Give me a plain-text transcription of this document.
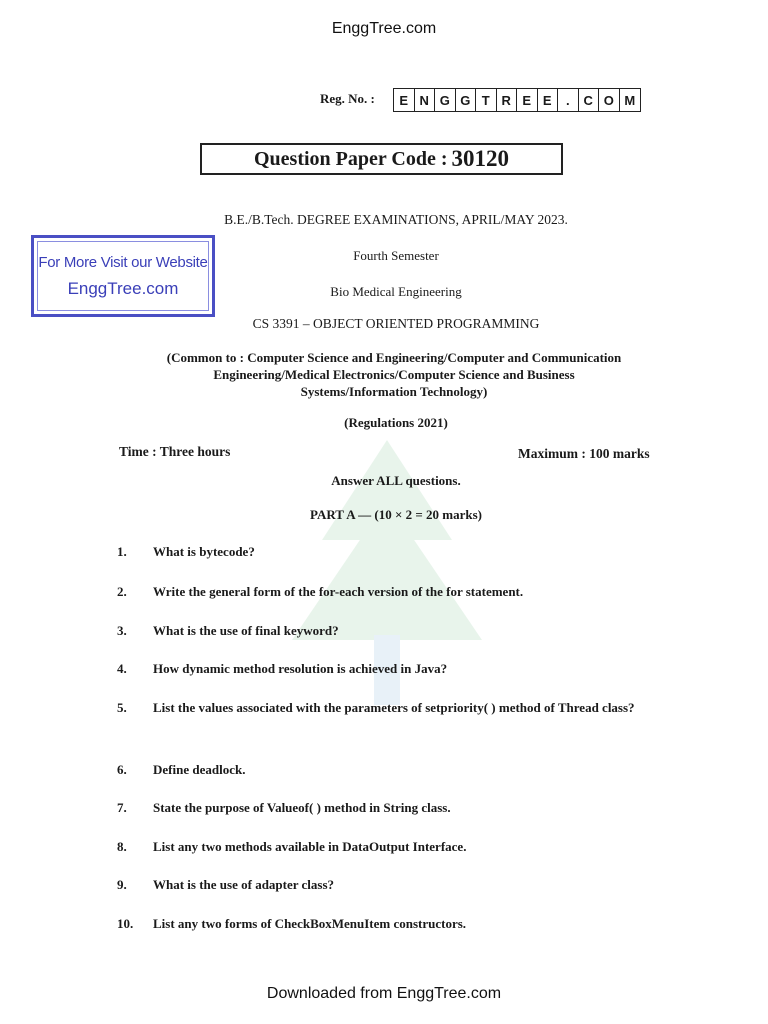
EnggTree.com
Downloaded from EnggTree.com
Reg. No. :	E N G G T R E E	.	C O M
Question Paper Code : 30120
For More Visit our Website
EnggTree.com
B.E./B.Tech. DEGREE EXAMINATIONS, APRIL/MAY 2023.
Fourth Semester
Bio Medical Engineering
CS 3391 – OBJECT ORIENTED PROGRAMMING
(Common to : Computer Science and Engineering/Computer and Communication
Engineering/Medical Electronics/Computer Science and Business
Systems/Information Technology)
(Regulations 2021)
Time : Three hours	Maximum : 100 marks
Answer ALL questions.
PART A — (10 × 2 = 20 marks)
1.	What is bytecode?
2.	Write the general form of the for-each version of the for statement.
3.	What is the use of final keyword?
4.	How dynamic method resolution is achieved in Java?
5.	List the values associated with the parameters of setpriority( ) method of Thread class?
6.	Define deadlock.
7.	State the purpose of Valueof( ) method in String class.
8.	List any two methods available in DataOutput Interface.
9.	What is the use of adapter class?
10.	List any two forms of CheckBoxMenuItem constructors.
